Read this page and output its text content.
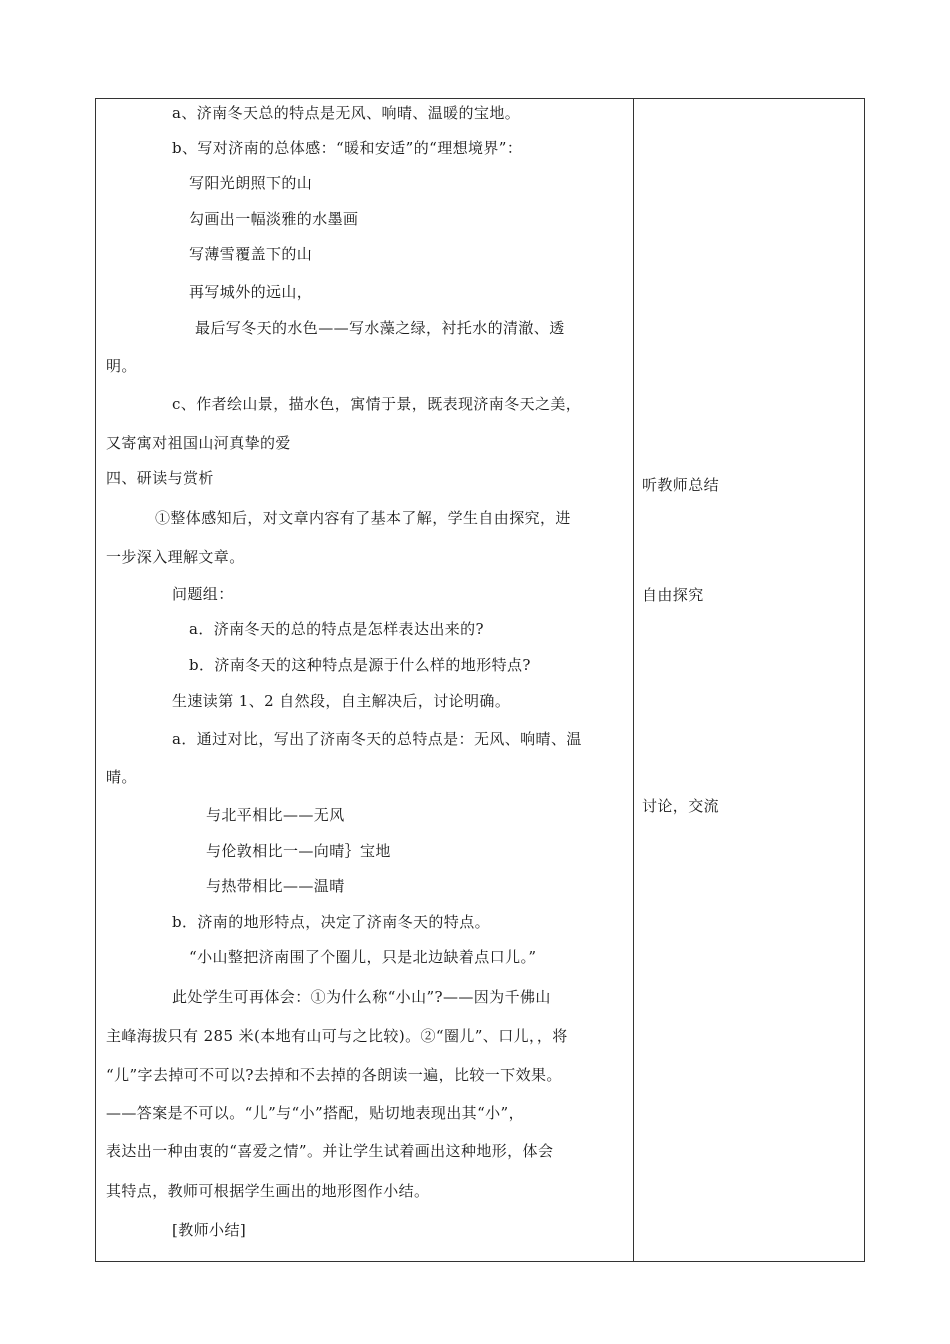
a、济南冬天总的特点是无风、响晴、温暖的宝地。
b、写对济南的总体感：“暖和安适”的“理想境界”：
写阳光朗照下的山
勾画出一幅淡雅的水墨画
写薄雪覆盖下的山
再写城外的远山，
最后写冬天的水色——写水藻之绿，衬托水的清澈、透
明。
c、作者绘山景，描水色，寓情于景，既表现济南冬天之美，
又寄寓对祖国山河真挚的爱
四、研读与赏析
①整体感知后，对文章内容有了基本了解，学生自由探究，进
一步深入理解文章。
问题组：
a．济南冬天的总的特点是怎样表达出来的?
b．济南冬天的这种特点是源于什么样的地形特点?
生速读第 1、2 自然段，自主解决后，讨论明确。
a．通过对比，写出了济南冬天的总特点是：无风、响晴、温
晴。
与北平相比——无风
与伦敦相比一—向晴｝宝地
与热带相比——温晴
b．济南的地形特点，决定了济南冬天的特点。
“小山整把济南围了个圈儿，只是北边缺着点口儿。”
此处学生可再体会：①为什么称“小山”?——因为千佛山
主峰海拔只有 285 米(本地有山可与之比较)。②“圈儿”、口儿，，将
“儿”字去掉可不可以?去掉和不去掉的各朗读一遍，比较一下效果。
——答案是不可以。“儿”与“小”搭配，贴切地表现出其“小”，
表达出一种由衷的“喜爱之情”。并让学生试着画出这种地形，体会
其特点，教师可根据学生画出的地形图作小结。
[教师小结]
听教师总结
自由探究
讨论，交流
